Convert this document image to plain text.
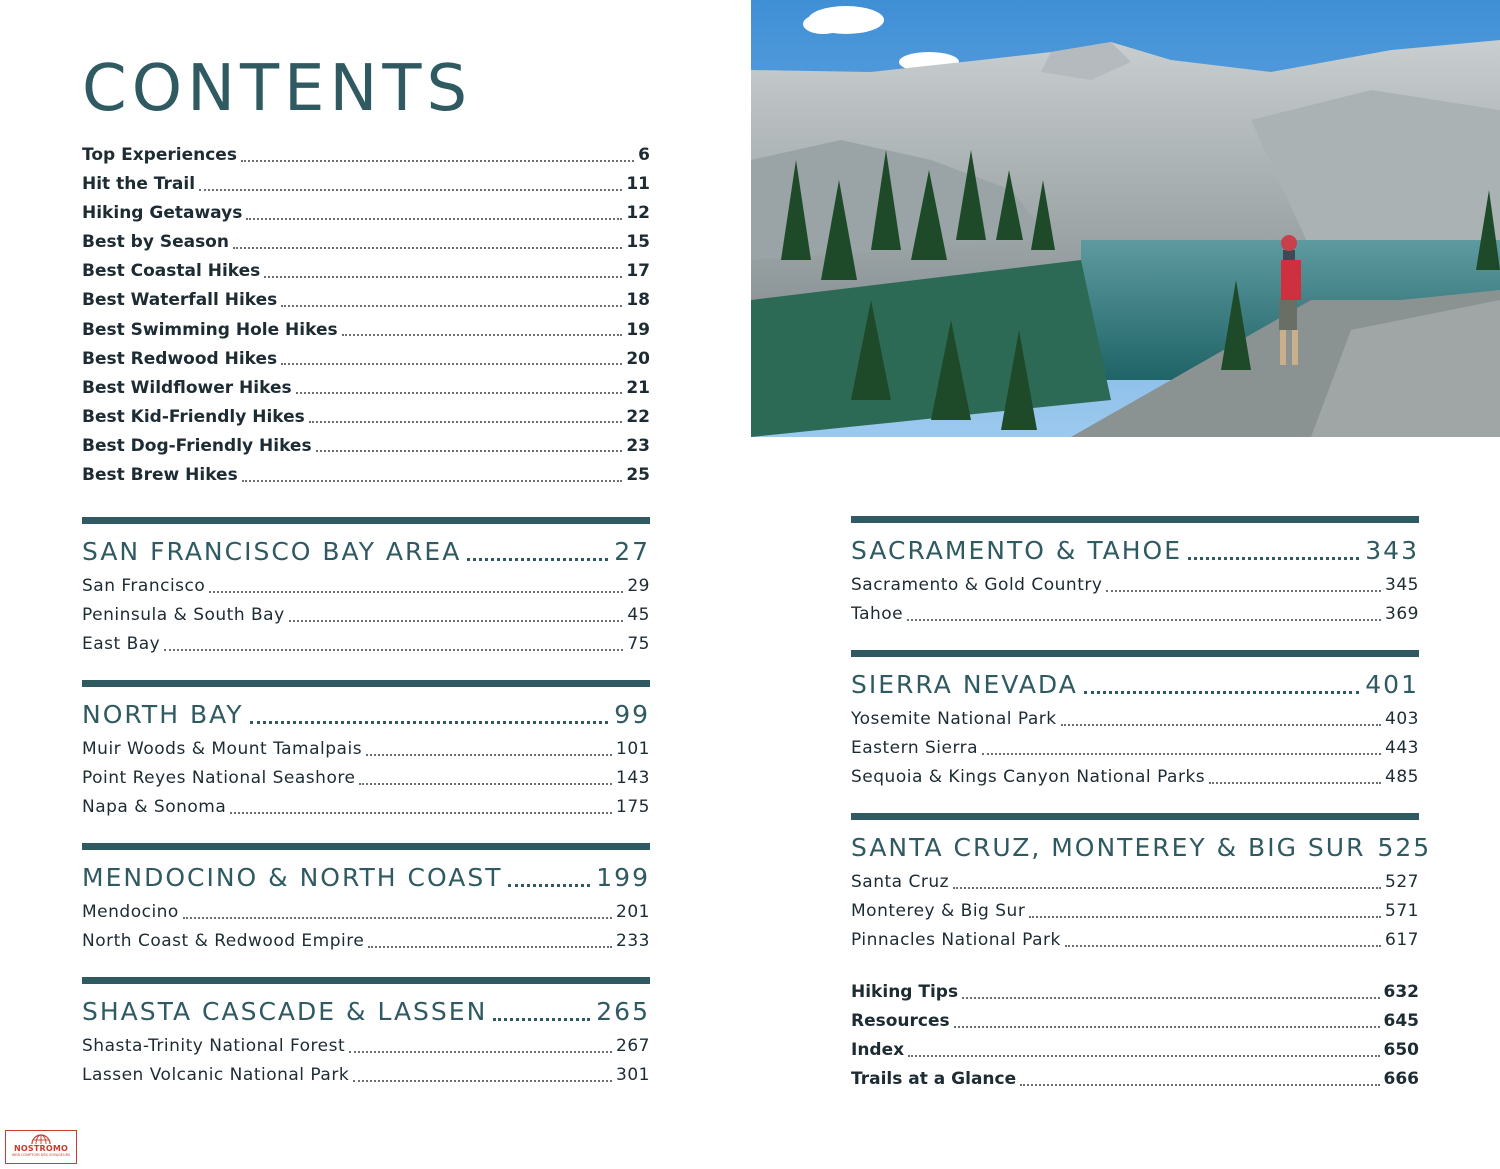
CONTENTS
Top Experiences	6
Hit the Trail	11
Hiking Getaways	12
Best by Season	15
Best Coastal Hikes	17
Best Waterfall Hikes	18
Best Swimming Hole Hikes	19
Best Redwood Hikes	20
Best Wildflower Hikes	21
Best Kid-Friendly Hikes	22
Best Dog-Friendly Hikes	23
Best Brew Hikes	25
SAN FRANCISCO BAY AREA	27
San Francisco	29
Peninsula & South Bay	45
East Bay	75
NORTH BAY	99
Muir Woods & Mount Tamalpais	101
Point Reyes National Seashore	143
Napa & Sonoma	175
MENDOCINO & NORTH COAST	199
Mendocino	201
North Coast & Redwood Empire	233
SHASTA CASCADE & LASSEN	265
Shasta-Trinity National Forest	267
Lassen Volcanic National Park	301
SACRAMENTO & TAHOE	343
Sacramento & Gold Country	345
Tahoe	369
SIERRA NEVADA	401
Yosemite National Park	403
Eastern Sierra	443
Sequoia & Kings Canyon National Parks	485
SANTA CRUZ, MONTEREY & BIG SUR 525
Santa Cruz	527
Monterey & Big Sur	571
Pinnacles National Park	617
Hiking Tips	632
Resources	645
Index	650
Trails at a Glance	666
NOSTROMO
WEB COMPTOIR DES VOYAGEURS
